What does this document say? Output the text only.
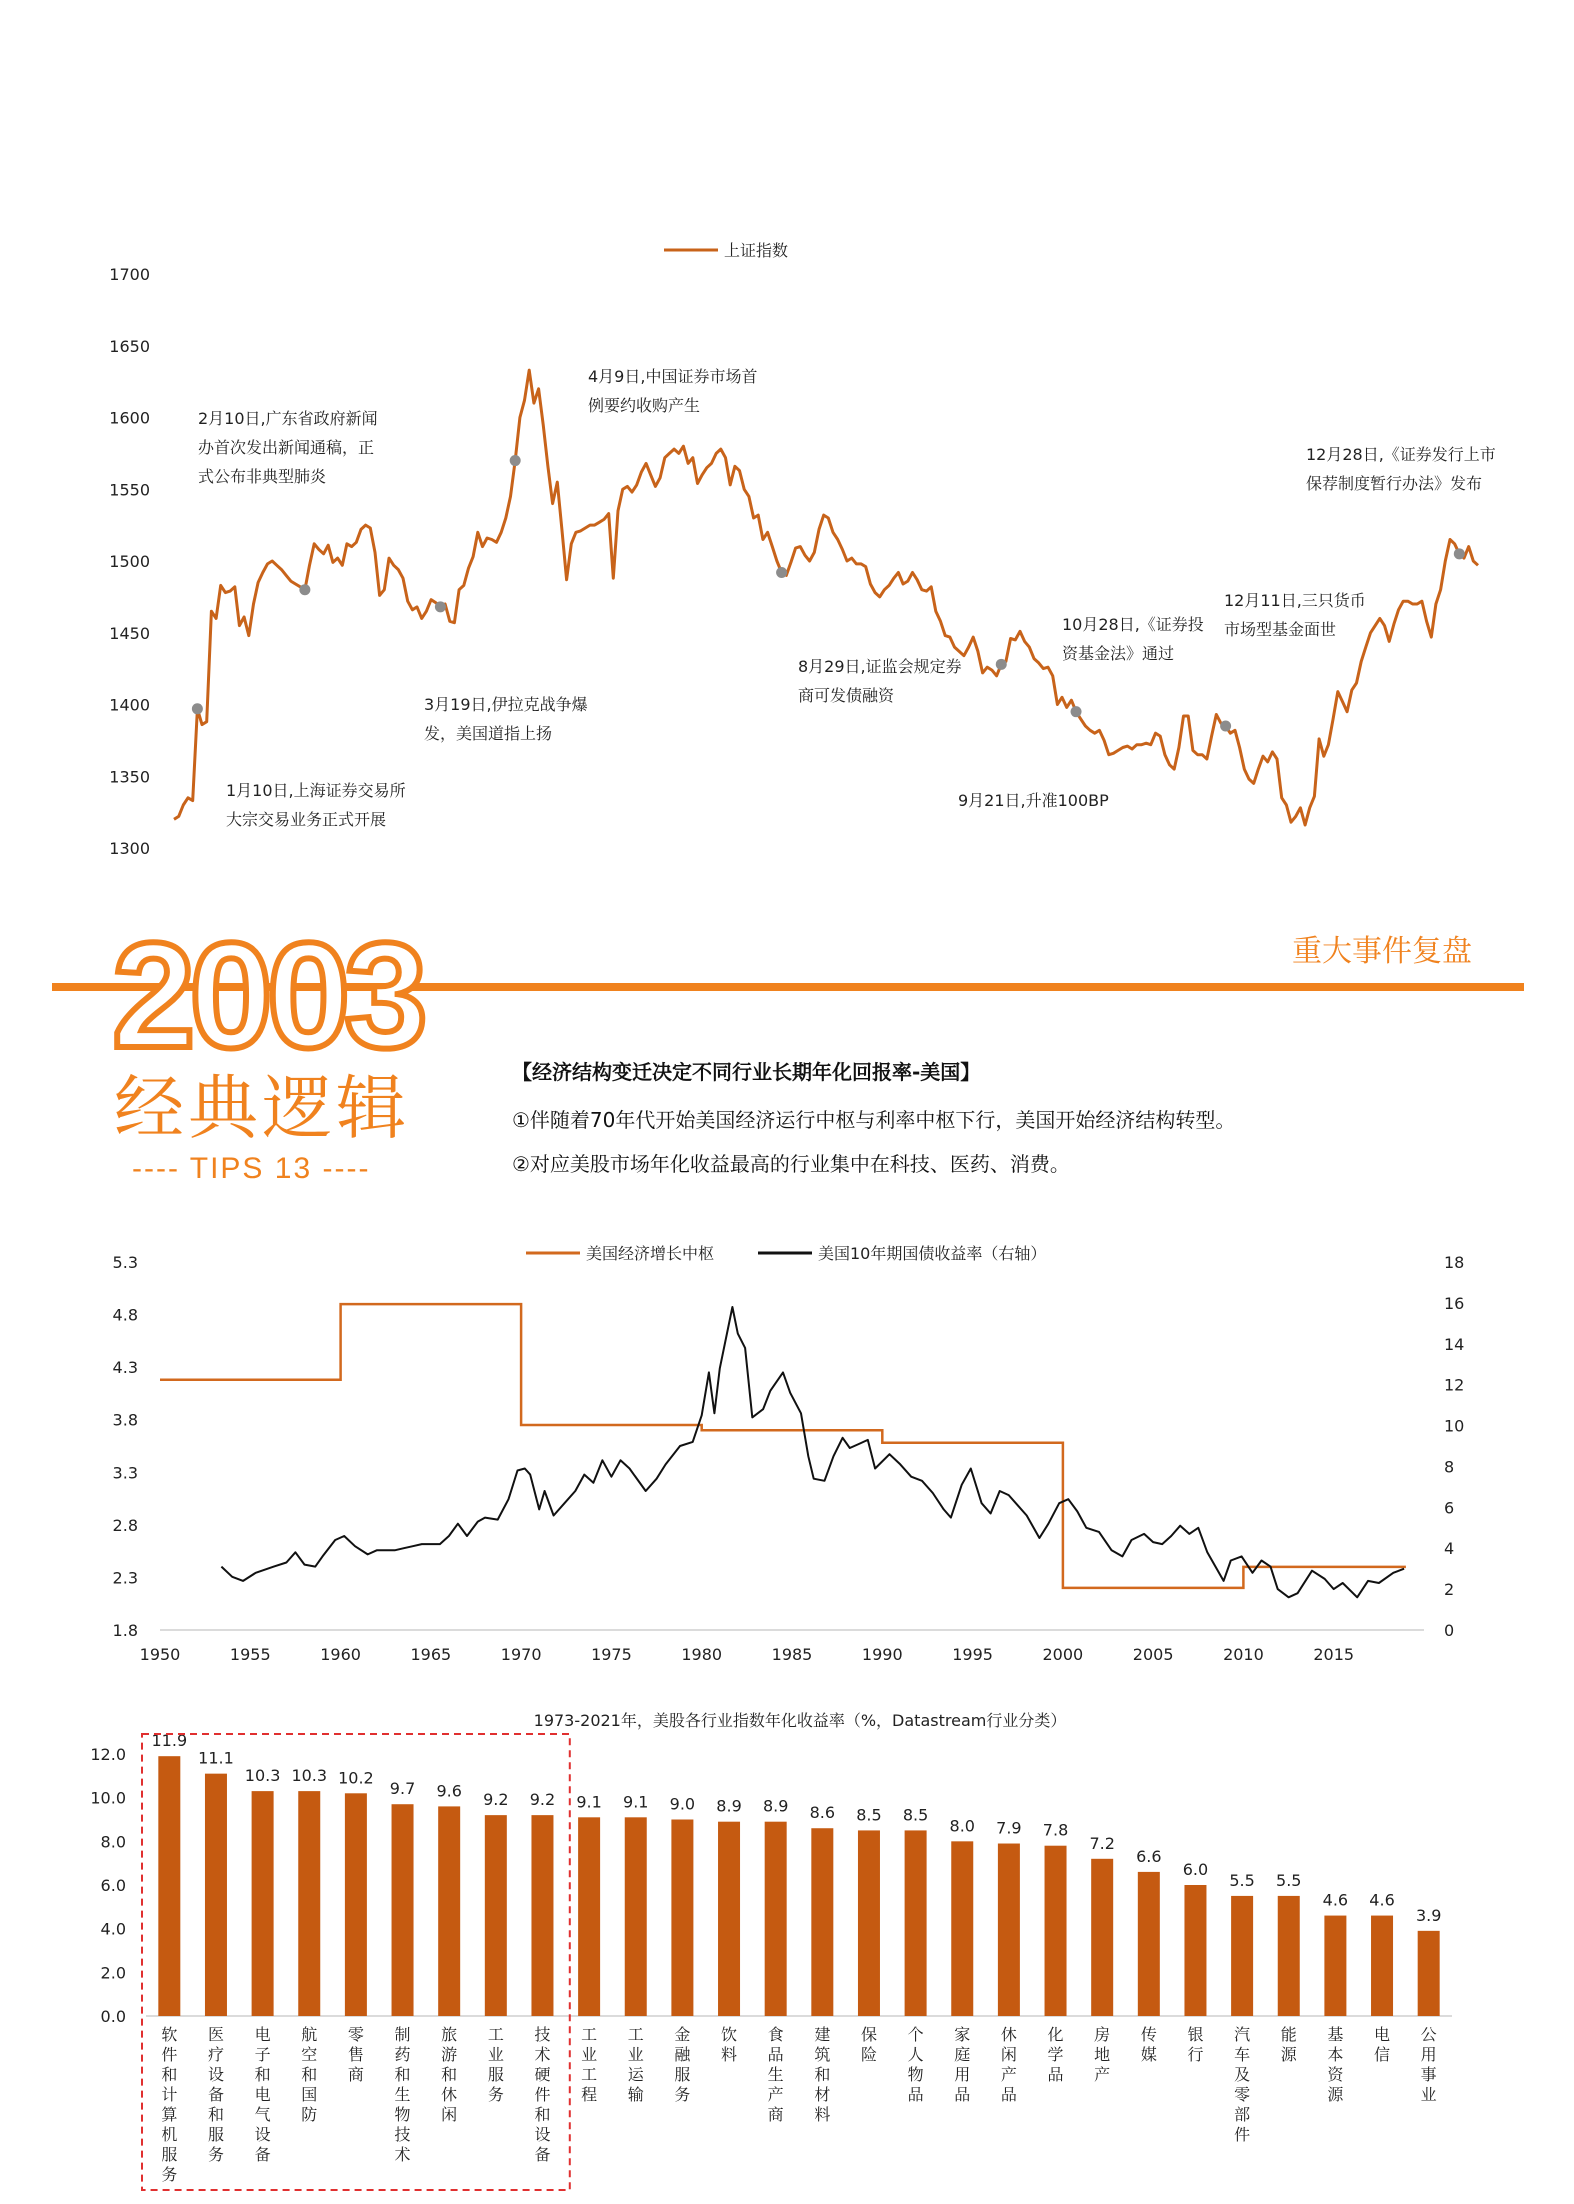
1700
1650
1600
1550
1500
1450
1400
1350
1300
上证指数
1月10日,上海证券交易所
大宗交易业务正式开展
2月10日,广东省政府新闻
办首次发出新闻通稿，正
式公布非典型肺炎
3月19日,伊拉克战争爆
发，美国道指上扬
4月9日,中国证券市场首
例要约收购产生
8月29日,证监会规定券
商可发债融资
9月21日,升准100BP
10月28日,《证券投
资基金法》通过
12月11日,三只货币
市场型基金面世
12月28日,《证券发行上市
保荐制度暂行办法》发布
2003
经典逻辑
---- TIPS 13 ----
重大事件复盘
【经济结构变迁决定不同行业长期年化回报率-美国】
①伴随着70年代开始美国经济运行中枢与利率中枢下行，美国开始经济结构转型。
②对应美股市场年化收益最高的行业集中在科技、医药、消费。
1950	1955	1960	1965	1970	1975	1980	1985	1990	1995	2000	2005	2010	2015
5.3
4.8
4.3
3.8
3.3
2.8
2.3
1.8
18
16
14
12
10
8
6
4
2
0
美国经济增长中枢	美国10年期国债收益率（右轴）
1973-2021年，美股各行业指数年化收益率（%，Datastream行业分类）
12.0
10.0
8.0
6.0
4.0
2.0
0.0
11.9
软件和计算机服务
11.1
医疗设备和服务
10.3
电子和电气设备
10.3
航空和国防
10.2
零售商
9.7
制药和生物技术
9.6
旅游和休闲
9.2
工业服务
9.2
技术硬件和设备
9.1
工业工程
9.1
工业运输
9.0
金融服务
8.9
饮料
8.9
食品生产商
8.6
建筑和材料
8.5
保险
8.5
个人物品
8.0
家庭用品
7.9
休闲产品
7.8
化学品
7.2
房地产
6.6
传媒
6.0
银行
5.5
汽车及零部件
5.5
能源
4.6
基本资源
4.6
电信
3.9
公用事业
